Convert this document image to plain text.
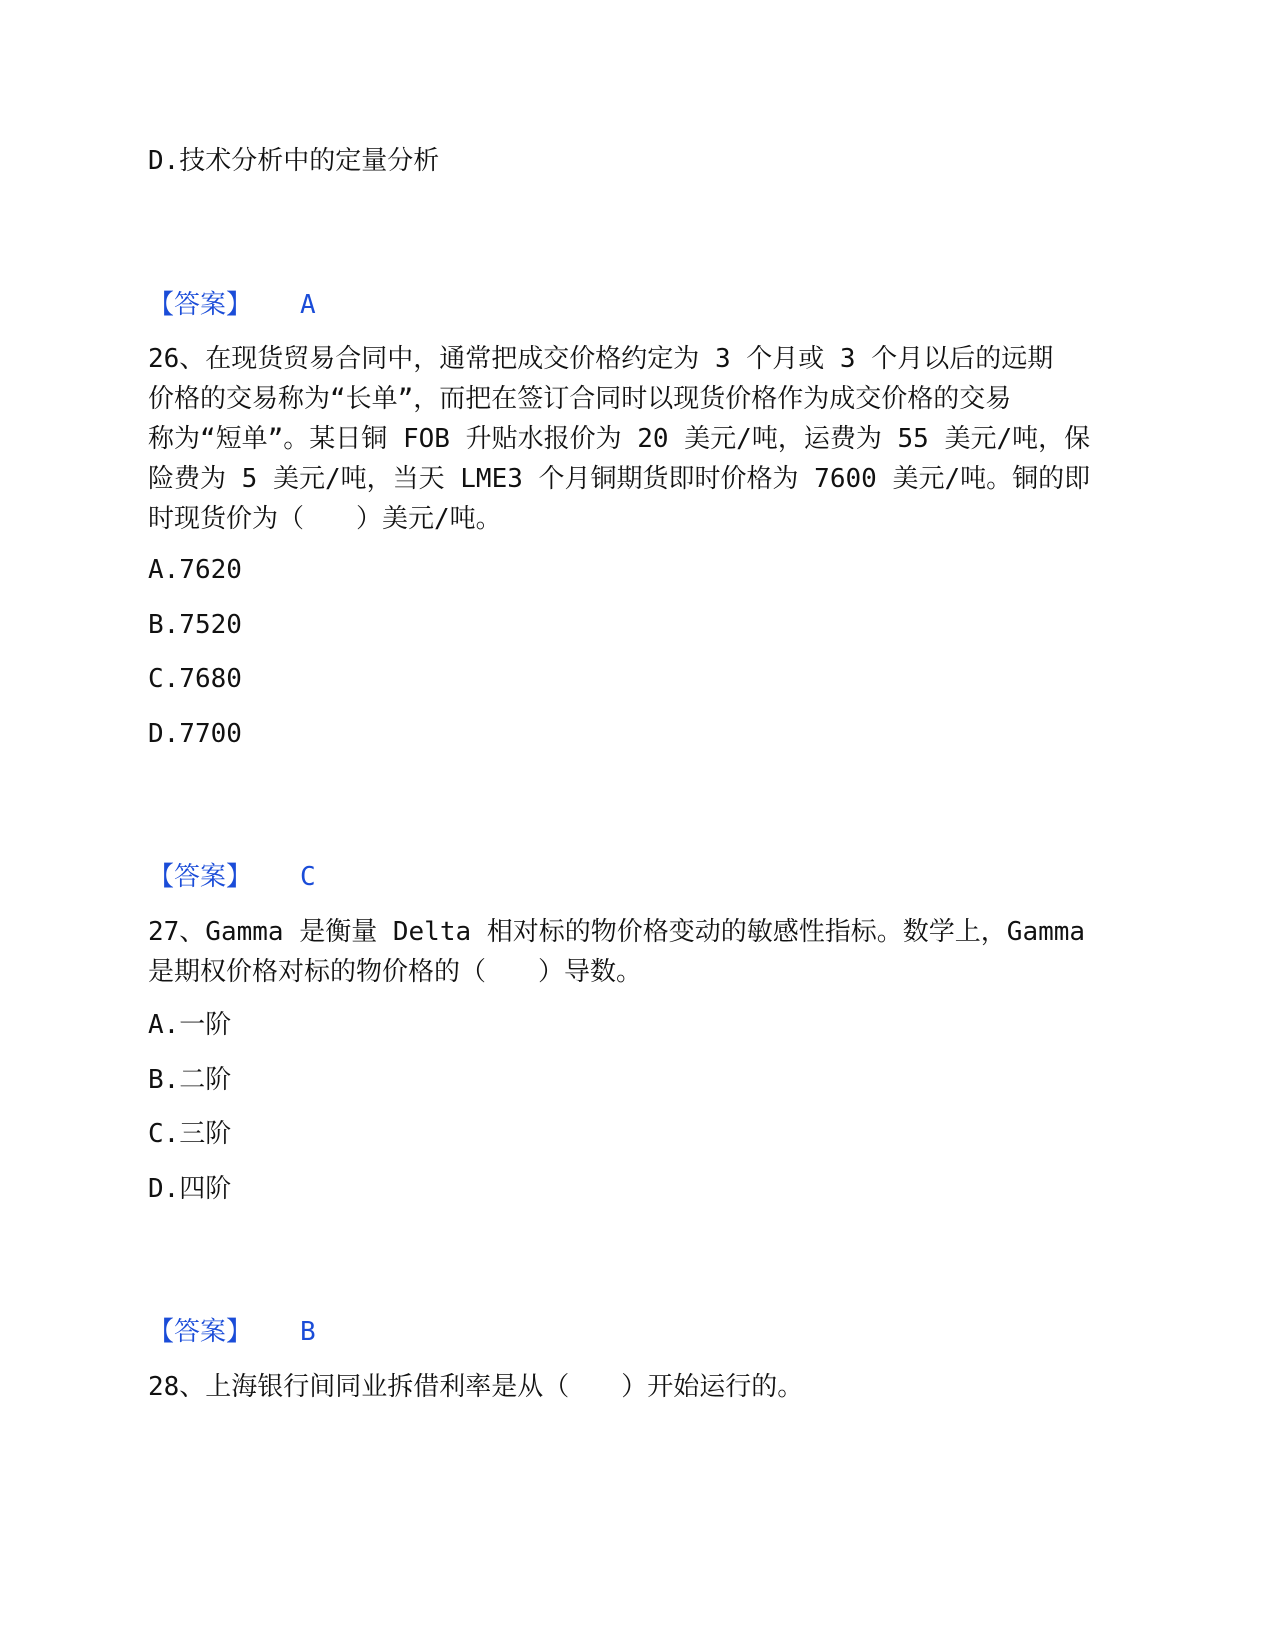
D.技术分析中的定量分析
【答案】 A
26、在现货贸易合同中，通常把成交价格约定为 3 个月或 3 个月以后的远期
价格的交易称为“长单”，而把在签订合同时以现货价格作为成交价格的交易
称为“短单”。某日铜 FOB 升贴水报价为 20 美元/吨，运费为 55 美元/吨，保
险费为 5 美元/吨，当天 LME3 个月铜期货即时价格为 7600 美元/吨。铜的即
时现货价为（　　）美元/吨。
A.7620
B.7520
C.7680
D.7700
【答案】 C
27、Gamma 是衡量 Delta 相对标的物价格变动的敏感性指标。数学上，Gamma
是期权价格对标的物价格的（　　）导数。
A.一阶
B.二阶
C.三阶
D.四阶
【答案】 B
28、上海银行间同业拆借利率是从（　　）开始运行的。
